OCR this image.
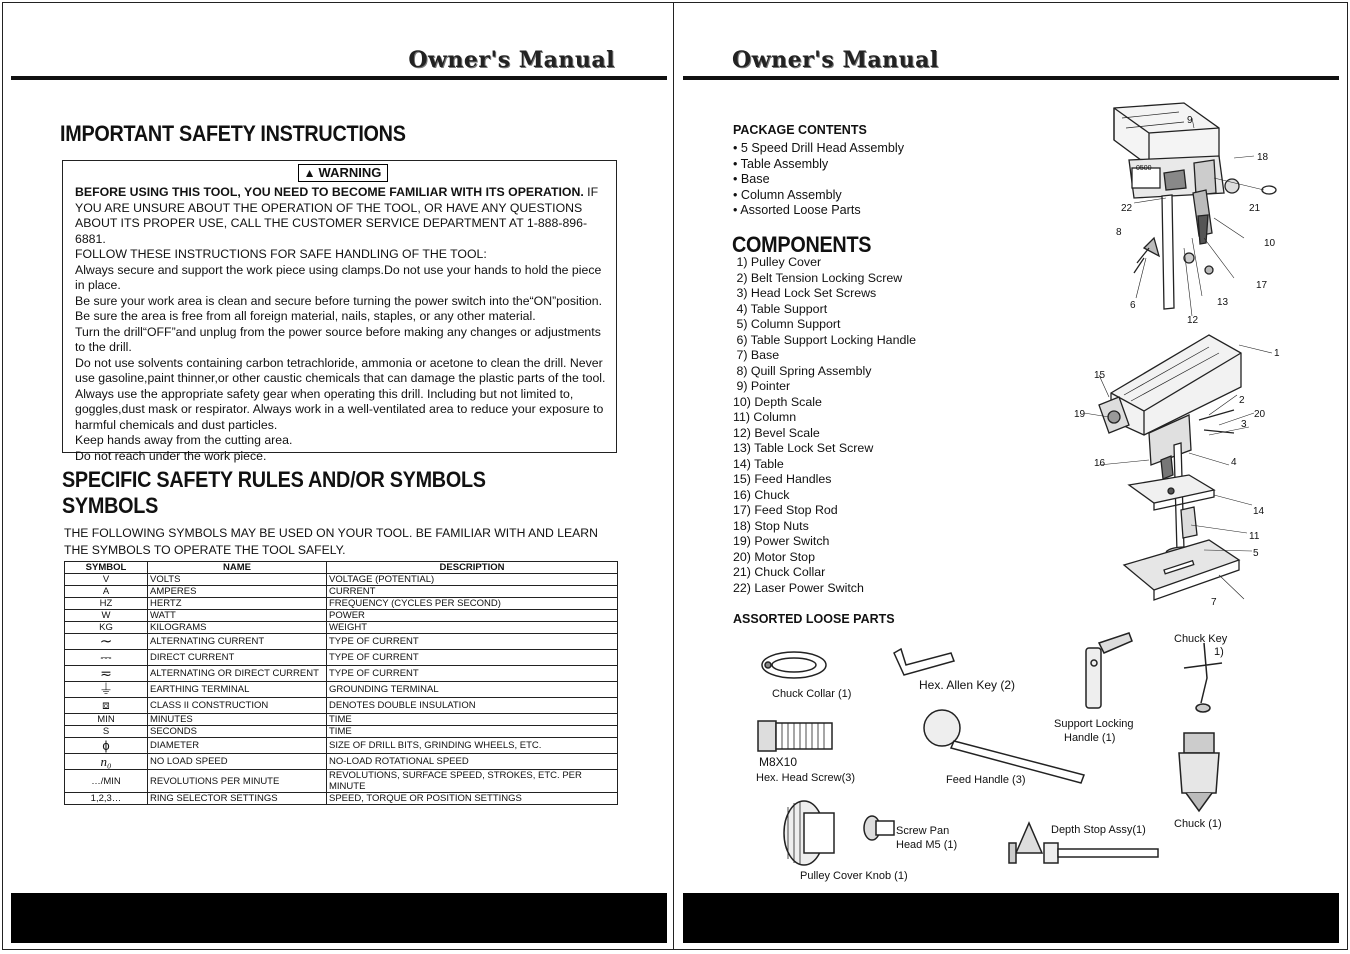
Owner's Manual
IMPORTANT SAFETY INSTRUCTIONS
▲ WARNING

BEFORE USING THIS TOOL, YOU NEED TO BECOME FAMILIAR WITH ITS OPERATION. IF YOU ARE UNSURE ABOUT THE OPERATION OF THE TOOL, OR HAVE ANY QUESTIONS ABOUT ITS PROPER USE, CALL THE CUSTOMER SERVICE DEPARTMENT AT 1-888-896-6881.

FOLLOW THESE INSTRUCTIONS FOR SAFE HANDLING OF THE TOOL:

Always secure and support the work piece using clamps.Do not use your hands to hold the piece in place.

Be sure your work area is clean and secure before turning the power switch into the“ON”position. Be sure the area is free from all foreign material, nails, staples, or any other material.

Turn the drill“OFF”and unplug from the power source before making any changes or adjustments to the drill.

Do not use solvents containing carbon tetrachloride, ammonia or acetone to clean the drill. Never use gasoline,paint thinner,or other caustic chemicals that can damage the plastic parts of the tool.

Always use the appropriate safety gear when operating this drill. Including but not limited to, goggles,dust mask or respirator. Always work in a well-ventilated area to reduce your exposure to harmful chemicals and dust particles.

Keep hands away from the cutting area.

Do not reach under the work piece.

SPECIFIC SAFETY RULES AND/OR SYMBOLS
SYMBOLS
THE FOLLOWING SYMBOLS MAY BE USED ON YOUR TOOL. BE FAMILIAR WITH AND LEARN THE SYMBOLS TO OPERATE THE TOOL SAFELY.
SYMBOL	NAME	DESCRIPTION
V	VOLTS	VOLTAGE (POTENTIAL)
A	AMPERES	CURRENT
HZ	HERTZ	FREQUENCY (CYCLES PER SECOND)
W	WATT	POWER
KG	KILOGRAMS	WEIGHT
∼	ALTERNATING CURRENT	TYPE OF CURRENT
⎓	DIRECT CURRENT	TYPE OF CURRENT
≂	ALTERNATING OR DIRECT CURRENT	TYPE OF CURRENT
⏚	EARTHING TERMINAL	GROUNDING TERMINAL
⧈	CLASS II CONSTRUCTION	DENOTES DOUBLE INSULATION
MIN	MINUTES	TIME
S	SECONDS	TIME
ϕ	DIAMETER	SIZE OF DRILL BITS, GRINDING WHEELS, ETC.
n₀	NO LOAD SPEED	NO-LOAD ROTATIONAL SPEED
…/MIN	REVOLUTIONS PER MINUTE	REVOLUTIONS, SURFACE SPEED, STROKES, ETC. PER MINUTE
1,2,3…	RING SELECTOR SETTINGS	SPEED, TORQUE OR POSITION SETTINGS
Owner's Manual
PACKAGE CONTENTS
• 5 Speed Drill Head Assembly
• Table Assembly
• Base
• Column Assembly
• Assorted Loose Parts
COMPONENTS
1) Pulley Cover
2) Belt Tension Locking Screw
3) Head Lock Set Screws
4) Table Support
5) Column Support
6) Table Support Locking Handle
7) Base
8) Quill Spring Assembly
9) Pointer
10) Depth Scale
11) Column
12) Bevel Scale
13) Table Lock Set Screw
14) Table
15) Feed Handles
16) Chuck
17) Feed Stop Rod
18) Stop Nuts
19) Power Switch
20) Motor Stop
21) Chuck Collar
22) Laser Power Switch
ASSORTED LOOSE PARTS
0500
9
18
22
8
21
10
17
6	13
12
1
15
2
19	20
3
16	4
14
11
5
7
Chuck Collar (1)
Hex. Allen Key (2)
Support Locking
Handle (1)
Chuck Key
1)
M8X10
Hex. Head Screw(3)	Feed Handle (3)
Chuck (1)
Screw Pan
Head M5 (1)
Depth Stop Assy(1)
Pulley Cover Knob (1)
